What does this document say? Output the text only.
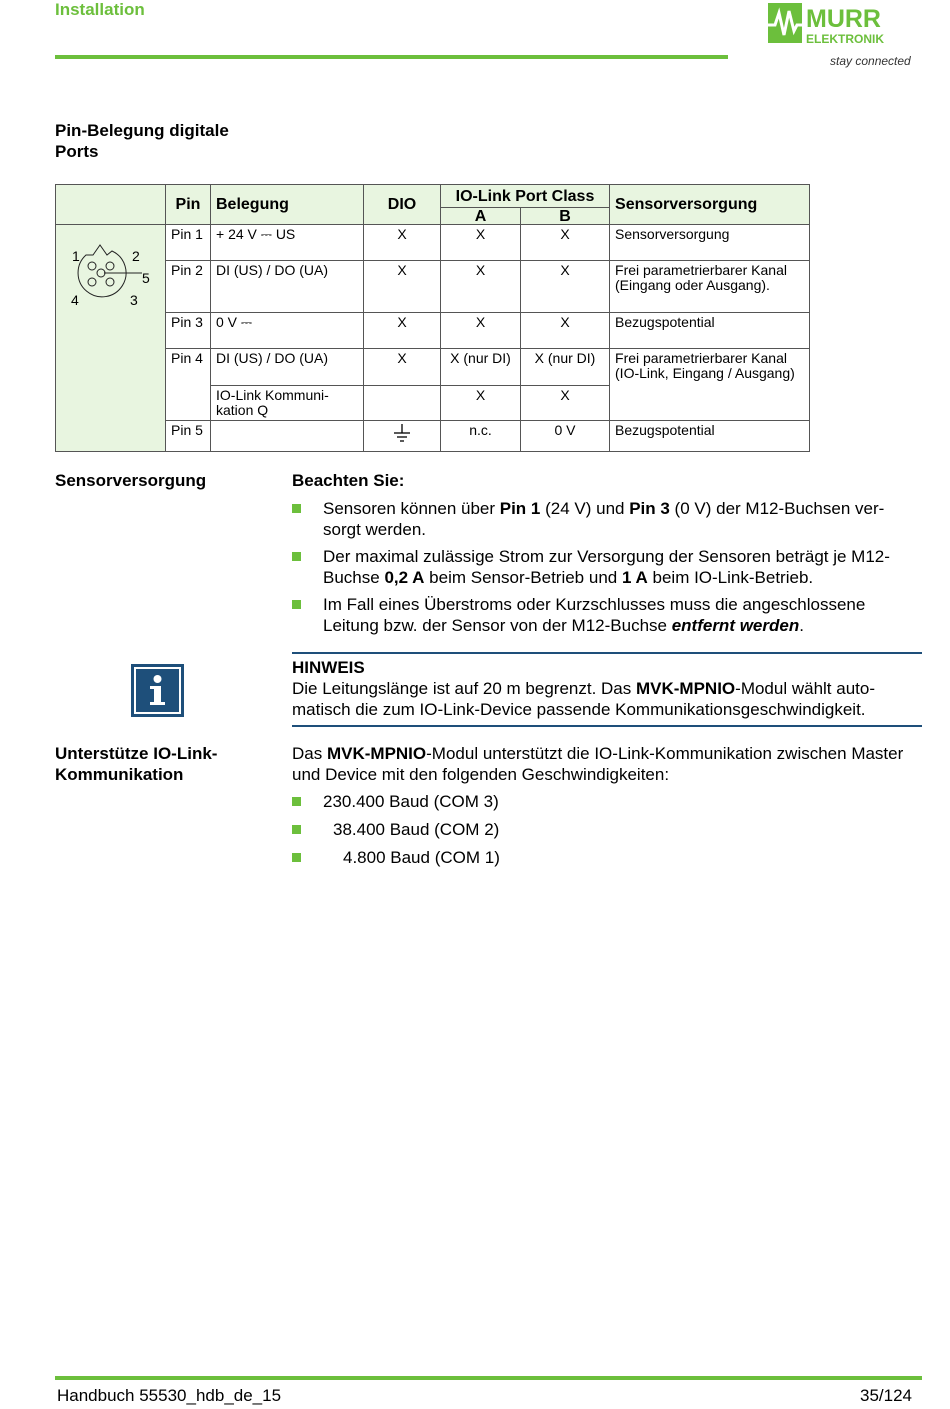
Installation	MURR
ELEKTRONIK
stay connected
Pin-Belegung digitale Ports
	Pin	Belegung	DIO	IO-Link Port Class		Sensorversorgung
				A	B	

1 2
5
4 3	Pin 1	+ 24 V ⎓ US	X	X	X	Sensorversorgung
	Pin 2	DI (US) / DO (UA)	X	X	X	Frei parametrierbarer Kanal (Eingang oder Ausgang).
	Pin 3	0 V ⎓	X	X	X	Bezugspotential
	Pin 4	DI (US) / DO (UA)	X	X (nur DI)	X (nur DI)	Frei parametrierbarer Kanal (IO-Link, Eingang / Ausgang)
		IO-Link Kommuni-kation Q		X	X	
	Pin 5			n.c.	0 V	Bezugspotential
Sensorversorgung	Beachten Sie:
Sensoren können über Pin 1 (24 V) und Pin 3 (0 V) der M12-Buchsen ver-sorgt werden.
Der maximal zulässige Strom zur Versorgung der Sensoren beträgt je M12-Buchse 0,2 A beim Sensor-Betrieb und 1 A beim IO-Link-Betrieb.
Im Fall eines Überstroms oder Kurzschlusses muss die angeschlossene Leitung bzw. der Sensor von der M12-Buchse entfernt werden.
HINWEIS
Die Leitungslänge ist auf 20 m begrenzt. Das MVK-MPNIO-Modul wählt auto-matisch die zum IO-Link-Device passende Kommunikationsgeschwindigkeit.
Unterstütze IO-Link-Kommunikation
Das MVK-MPNIO-Modul unterstützt die IO-Link-Kommunikation zwischen Master und Device mit den folgenden Geschwindigkeiten:
230.400 Baud (COM 3)
38.400 Baud (COM 2)
4.800 Baud (COM 1)
Handbuch 55530_hdb_de_15	35/124
